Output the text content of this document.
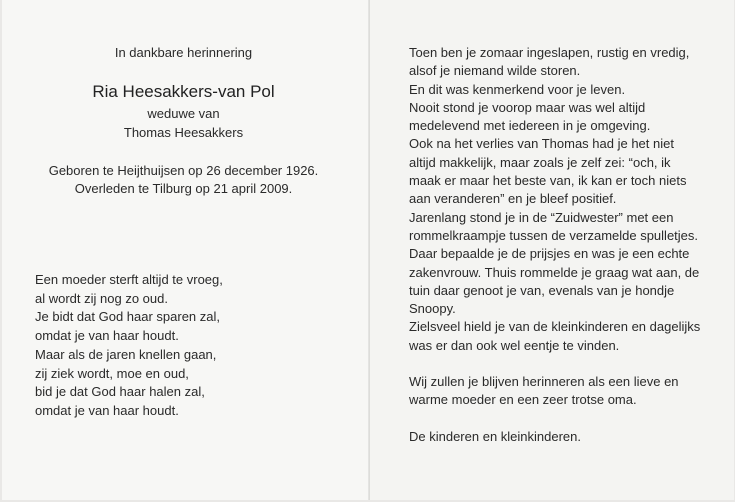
In dankbare herinnering
Ria Heesakkers-van Pol
weduwe van
Thomas Heesakkers
Geboren te Heijthuijsen op 26 december 1926.
Overleden te Tilburg op 21 april 2009.
Een moeder sterft altijd te vroeg,
al wordt zij nog zo oud.
Je bidt dat God haar sparen zal,
omdat je van haar houdt.
Maar als de jaren knellen gaan,
zij ziek wordt, moe en oud,
bid je dat God haar halen zal,
omdat je van haar houdt.
Toen ben je zomaar ingeslapen, rustig en vredig,
alsof je niemand wilde storen.
En dit was kenmerkend voor je leven.
Nooit stond je voorop maar was wel altijd
medelevend met iedereen in je omgeving.
Ook na het verlies van Thomas had je het niet
altijd makkelijk, maar zoals je zelf zei: “och, ik
maak er maar het beste van, ik kan er toch niets
aan veranderen” en je bleef positief.
Jarenlang stond je in de “Zuidwester” met een
rommelkraampje tussen de verzamelde spulletjes.
Daar bepaalde je de prijsjes en was je een echte
zakenvrouw. Thuis rommelde je graag wat aan, de
tuin daar genoot je van, evenals van je hondje
Snoopy.
Zielsveel hield je van de kleinkinderen en dagelijks
was er dan ook wel eentje te vinden.
Wij zullen je blijven herinneren als een lieve en
warme moeder en een zeer trotse oma.
De kinderen en kleinkinderen.
